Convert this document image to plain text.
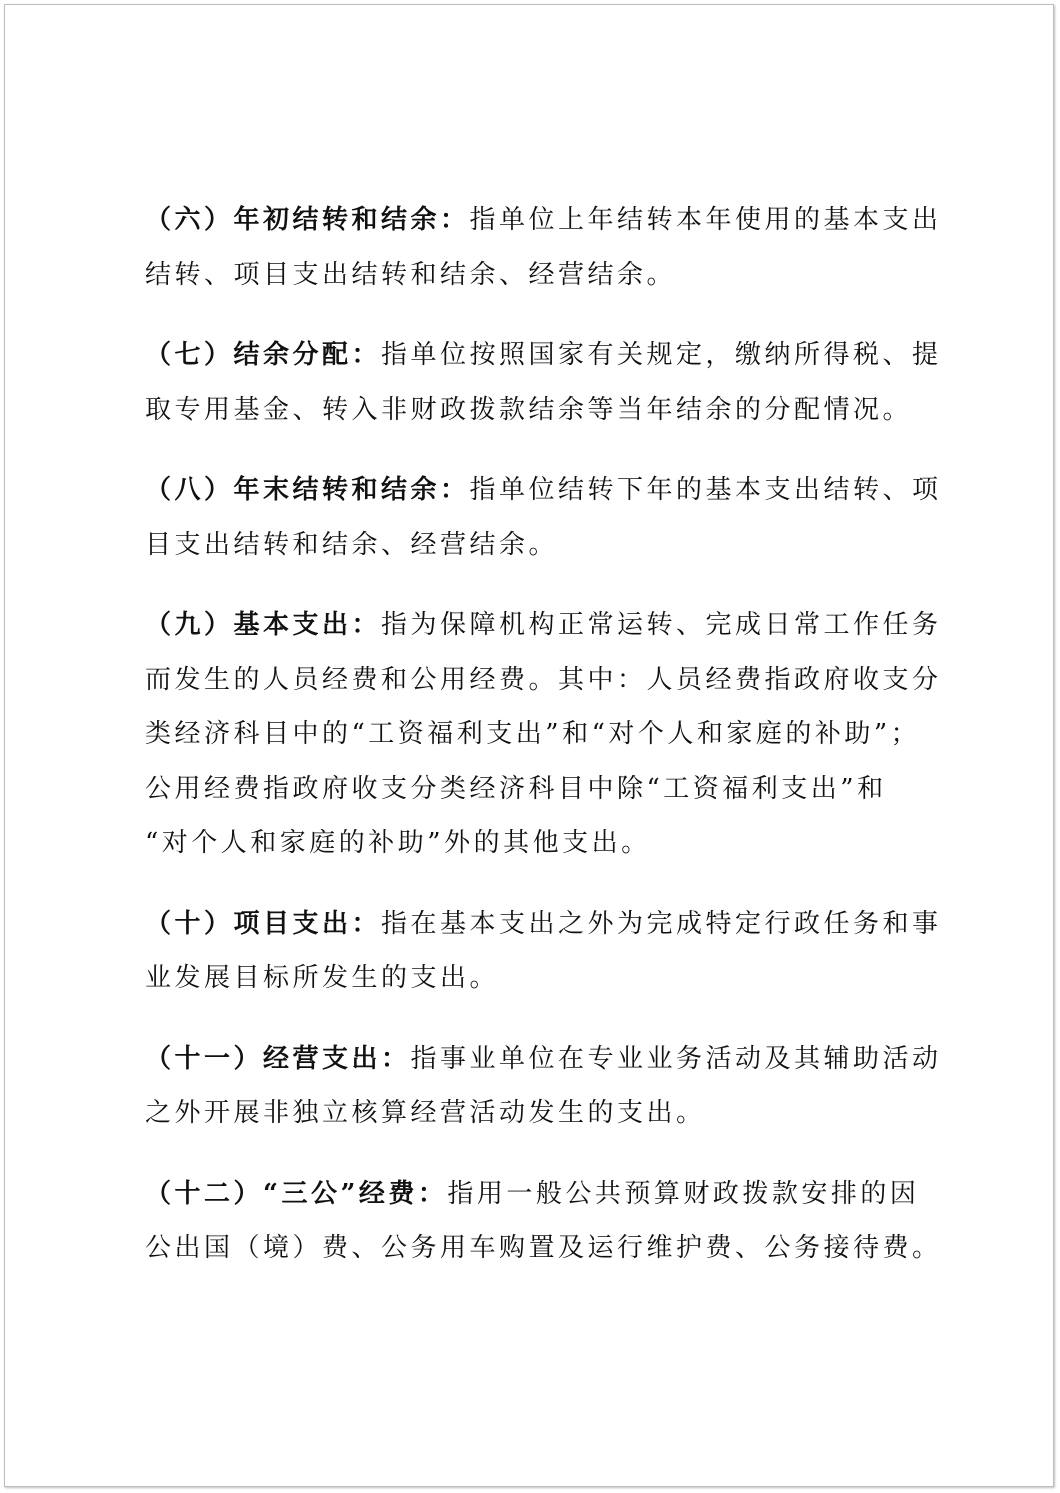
（六）年初结转和结余：指单位上年结转本年使用的基本支出
结转、项目支出结转和结余、经营结余。

（七）结余分配：指单位按照国家有关规定，缴纳所得税、提
取专用基金、转入非财政拨款结余等当年结余的分配情况。

（八）年末结转和结余：指单位结转下年的基本支出结转、项
目支出结转和结余、经营结余。

（九）基本支出：指为保障机构正常运转、完成日常工作任务
而发生的人员经费和公用经费。其中：人员经费指政府收支分
类经济科目中的“工资福利支出”和“对个人和家庭的补助”；
公用经费指政府收支分类经济科目中除“工资福利支出”和
“对个人和家庭的补助”外的其他支出。

（十）项目支出：指在基本支出之外为完成特定行政任务和事
业发展目标所发生的支出。

（十一）经营支出：指事业单位在专业业务活动及其辅助活动
之外开展非独立核算经营活动发生的支出。

（十二）“三公”经费：指用一般公共预算财政拨款安排的因
公出国（境）费、公务用车购置及运行维护费、公务接待费。
